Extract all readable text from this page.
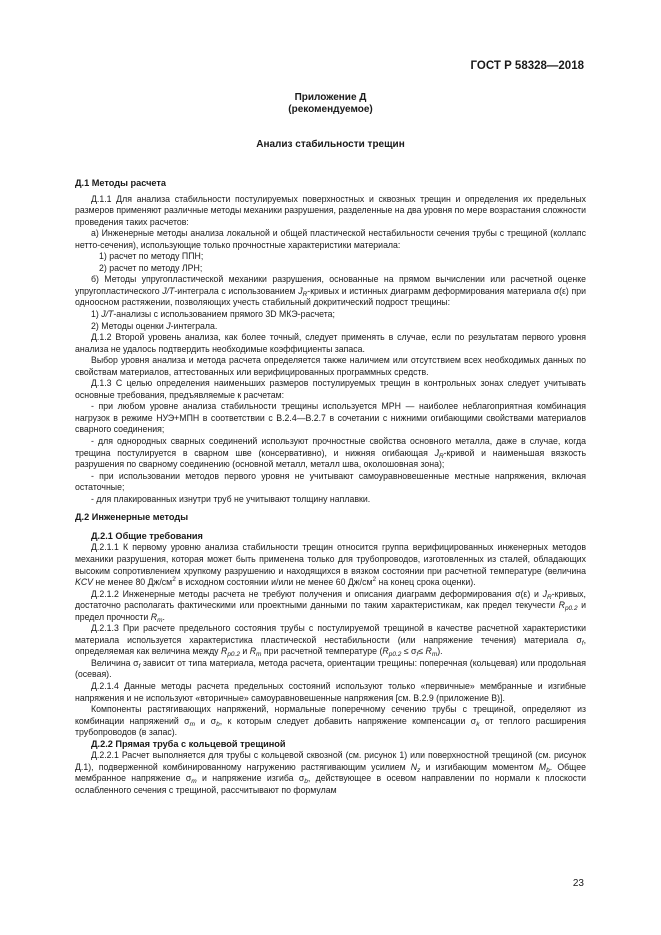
ГОСТ Р 58328—2018
Приложение Д
(рекомендуемое)
Анализ стабильности трещин

Д.1 Методы расчета

Д.1.1 Для анализа стабильности постулируемых поверхностных и сквозных трещин и определения их предельных размеров применяют различные методы механики разрушения, разделенные на два уровня по мере возрастания сложности проведения таких расчетов:

а) Инженерные методы анализа локальной и общей пластической нестабильности сечения трубы с трещиной (коллапс нетто-сечения), использующие только прочностные характеристики материала:

1) расчет по методу ППН;

2) расчет по методу ЛРН;

б) Методы упругопластической механики разрушения, основанные на прямом вычислении или расчетной оценке упругопластического J/T-интеграла с использованием $J_R$-кривых и истинных диаграмм деформирования материала σ(ε) при одноосном растяжении, позволяющих учесть стабильный докритический подрост трещины:

1) J/T-анализы с использованием прямого 3D МКЭ-расчета;

2) Методы оценки J-интеграла.

Д.1.2 Второй уровень анализа, как более точный, следует применять в случае, если по результатам первого уровня анализа не удалось подтвердить необходимые коэффициенты запаса.

Выбор уровня анализа и метода расчета определяется также наличием или отсутствием всех необходимых данных по свойствам материалов, аттестованных или верифицированных программных средств.

Д.1.3 С целью определения наименьших размеров постулируемых трещин в контрольных зонах следует учитывать основные требования, предъявляемые к расчетам:

- при любом уровне анализа стабильности трещины используется МРН — наиболее неблагоприятная комбинация нагрузок в режиме НУЭ+МПН в соответствии с В.2.4—В.2.7 в сочетании с нижними огибающими свойствами материалов сварного соединения;

- для однородных сварных соединений используют прочностные свойства основного металла, даже в случае, когда трещина постулируется в сварном шве (консервативно), и нижняя огибающая $J_R$-кривой и наименьшая вязкость разрушения по сварному соединению (основной металл, металл шва, околошовная зона);

- при использовании методов первого уровня не учитывают самоуравновешенные местные напряжения, включая остаточные;

- для плакированных изнутри труб не учитывают толщину наплавки.

Д.2 Инженерные методы

Д.2.1 Общие требования

Д.2.1.1 К первому уровню анализа стабильности трещин относится группа верифицированных инженерных методов механики разрушения, которая может быть применена только для трубопроводов, изготовленных из сталей, обладающих высоким сопротивлением хрупкому разрушению и находящихся в вязком состоянии при расчетной температуре (величина KCV не менее 80 $Дж/см^2$ в исходном состоянии и/или не менее 60 $Дж/см^2$ на конец срока оценки).

Д.2.1.2 Инженерные методы расчета не требуют получения и описания диаграмм деформирования σ(ε) и $J_R$-кривых, достаточно располагать фактическими или проектными данными по таким характеристикам, как предел текучести $R_{p0.2}$ и предел прочности $R_m$.

Д.2.1.3 При расчете предельного состояния трубы с постулируемой трещиной в качестве расчетной характеристики материала используется характеристика пластической нестабильности (или напряжение течения) материала $\sigma_f$, определяемая как величина между $R_{p0.2}$ и $R_m$ при расчетной температуре $(R_{p0.2} \le \sigma_f\le R_m)$.

Величина $\sigma_f$ зависит от типа материала, метода расчета, ориентации трещины: поперечная (кольцевая) или продольная (осевая).

Д.2.1.4 Данные методы расчета предельных состояний используют только «первичные» мембранные и изгибные напряжения и не используют «вторичные» самоуравновешенные напряжения [см. В.2.9 (приложение В)].

Компоненты растягивающих напряжений, нормальные поперечному сечению трубы с трещиной, определяют из комбинации напряжений $\sigma_m$ и $\sigma_b$, к которым следует добавить напряжение компенсации $\sigma_k$ от теплого расширения трубопроводов (в запас).

Д.2.2 Прямая труба с кольцевой трещиной

Д.2.2.1 Расчет выполняется для трубы с кольцевой сквозной (см. рисунок 1) или поверхностной трещиной (см. рисунок Д.1), подверженной комбинированному нагружению растягивающим усилием $N_z$ и изгибающим моментом $M_b$. Общее мембранное напряжение $\sigma_m$ и напряжение изгиба $\sigma_b$, действующее в осевом направлении по нормали к плоскости ослабленного сечения с трещиной, рассчитывают по формулам

23
